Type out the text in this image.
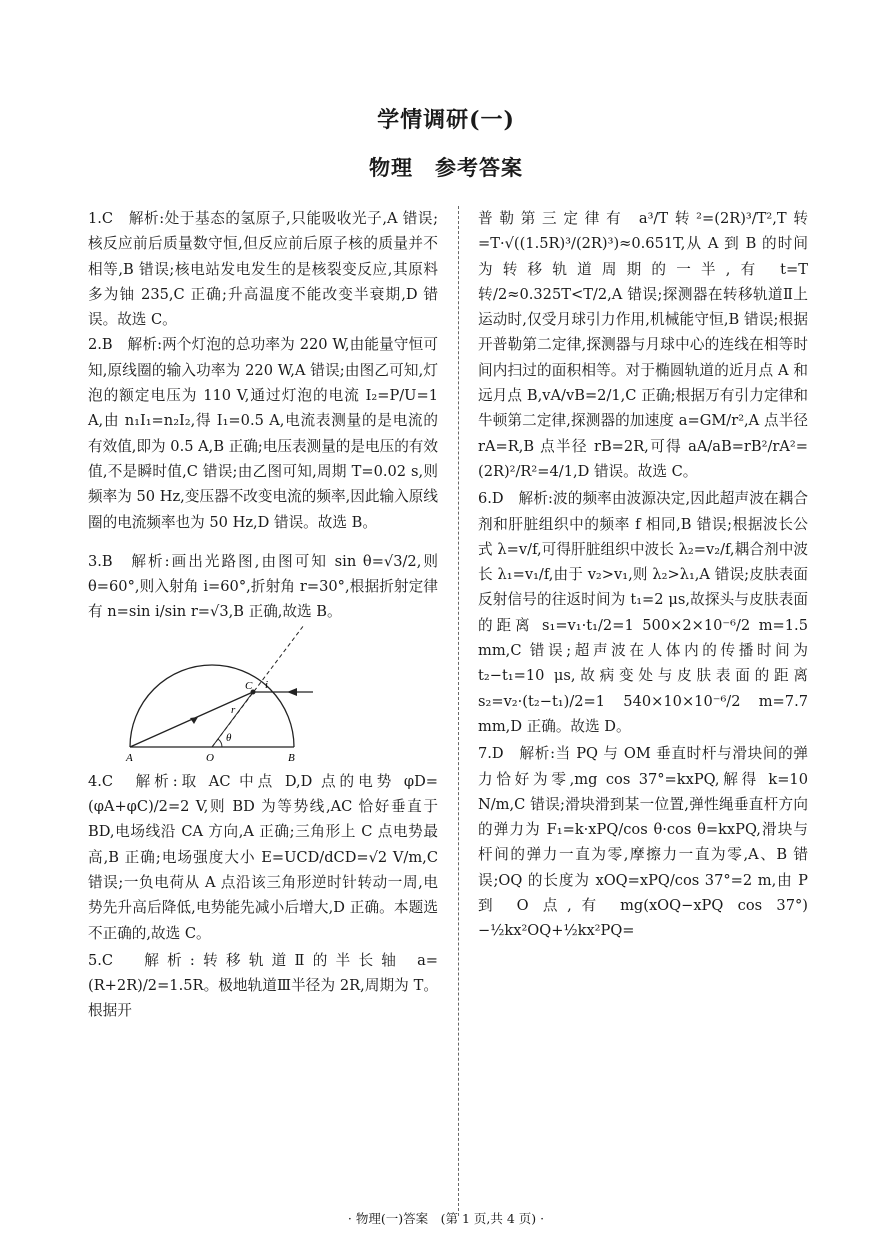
学情调研(一)
物理　参考答案

1.C　解析:处于基态的氢原子,只能吸收光子,A 错误;核反应前后质量数守恒,但反应前后原子核的质量并不相等,B 错误;核电站发电发生的是核裂变反应,其原料多为铀 235,C 正确;升高温度不能改变半衰期,D 错误。故选 C。

2.B　解析:两个灯泡的总功率为 220 W,由能量守恒可知,原线圈的输入功率为 220 W,A 错误;由图乙可知,灯泡的额定电压为 110 V,通过灯泡的电流 I₂=P/U=1 A,由 n₁I₁=n₂I₂,得 I₁=0.5 A,电流表测量的是电流的有效值,即为 0.5 A,B 正确;电压表测量的是电压的有效值,不是瞬时值,C 错误;由乙图可知,周期 T=0.02 s,则频率为 50 Hz,变压器不改变电流的频率,因此输入原线圈的电流频率也为 50 Hz,D 错误。故选 B。

3.B　解析:画出光路图,由图可知 sin θ=√3/2,则 θ=60°,则入射角 i=60°,折射角 r=30°,根据折射定律有 n=sin i/sin r=√3,B 正确,故选 B。

A	O	B
C i
r
θ

4.C　解析:取 AC 中点 D,D 点的电势 φD=(φA+φC)/2=2 V,则 BD 为等势线,AC 恰好垂直于 BD,电场线沿 CA 方向,A 正确;三角形上 C 点电势最高,B 正确;电场强度大小 E=UCD/dCD=√2 V/m,C 错误;一负电荷从 A 点沿该三角形逆时针转动一周,电势先升高后降低,电势能先减小后增大,D 正确。本题选不正确的,故选 C。

5.C　解析:转移轨道Ⅱ的半长轴 a=(R+2R)/2=1.5R。极地轨道Ⅲ半径为 2R,周期为 T。根据开

普勒第三定律有 a³/T转²=(2R)³/T²,T转=T·√((1.5R)³/(2R)³)≈0.651T,从 A 到 B 的时间为转移轨道周期的一半,有 t=T转/2≈0.325T<T/2,A 错误;探测器在转移轨道Ⅱ上运动时,仅受月球引力作用,机械能守恒,B 错误;根据开普勒第二定律,探测器与月球中心的连线在相等时间内扫过的面积相等。对于椭圆轨道的近月点 A 和远月点 B,vA/vB=2/1,C 正确;根据万有引力定律和牛顿第二定律,探测器的加速度 a=GM/r²,A 点半径 rA=R,B 点半径 rB=2R,可得 aA/aB=rB²/rA²=(2R)²/R²=4/1,D 错误。故选 C。

6.D　解析:波的频率由波源决定,因此超声波在耦合剂和肝脏组织中的频率 f 相同,B 错误;根据波长公式 λ=v/f,可得肝脏组织中波长 λ₂=v₂/f,耦合剂中波长 λ₁=v₁/f,由于 v₂>v₁,则 λ₂>λ₁,A 错误;皮肤表面反射信号的往返时间为 t₁=2 μs,故探头与皮肤表面的距离 s₁=v₁·t₁/2=1 500×2×10⁻⁶/2 m=1.5 mm,C 错误;超声波在人体内的传播时间为 t₂−t₁=10 μs,故病变处与皮肤表面的距离 s₂=v₂·(t₂−t₁)/2=1 540×10×10⁻⁶/2 m=7.7 mm,D 正确。故选 D。

7.D　解析:当 PQ 与 OM 垂直时杆与滑块间的弹力恰好为零,mg cos 37°=kxPQ,解得 k=10 N/m,C 错误;滑块滑到某一位置,弹性绳垂直杆方向的弹力为 F₁=k·xPQ/cos θ·cos θ=kxPQ,滑块与杆间的弹力一直为零,摩擦力一直为零,A、B 错误;OQ 的长度为 xOQ=xPQ/cos 37°=2 m,由 P 到 O 点,有 mg(xOQ−xPQ cos 37°)−½kx²OQ+½kx²PQ=

· 物理(一)答案　(第 1 页,共 4 页) ·
